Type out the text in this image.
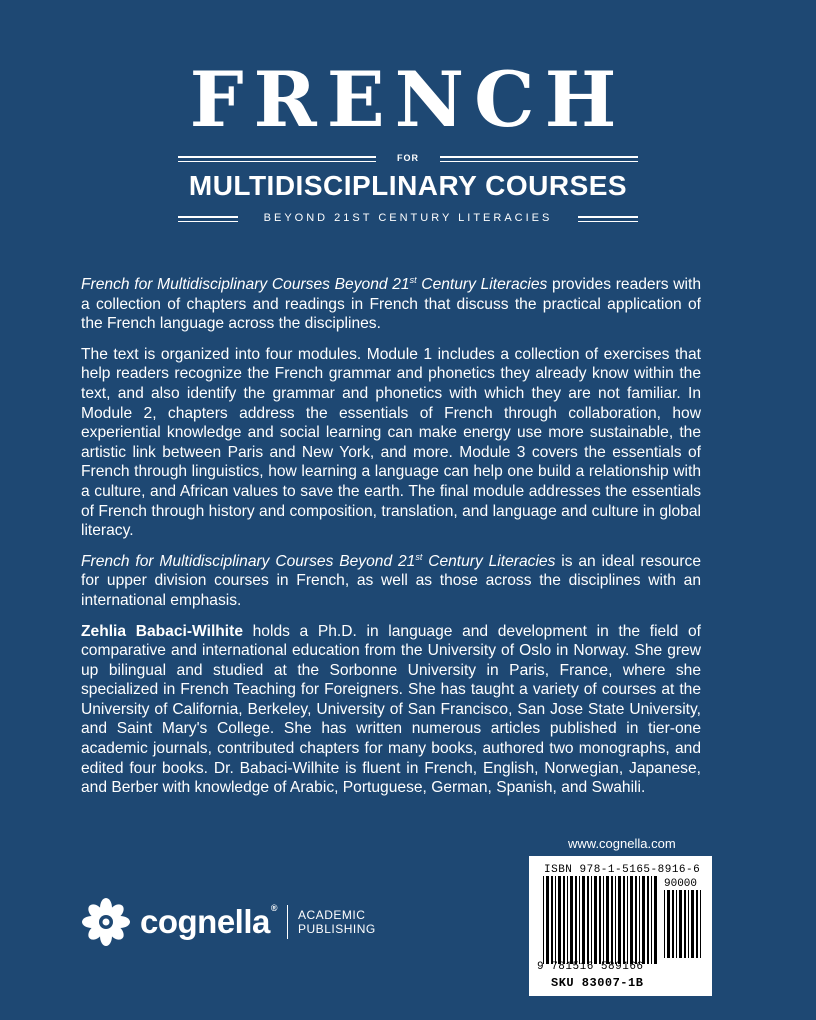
FRENCH
FOR
MULTIDISCIPLINARY COURSES
BEYOND 21ST CENTURY LITERACIES

French for Multidisciplinary Courses Beyond 21st Century Literacies provides readers with a collection of chapters and readings in French that discuss the practical application of the French language across the disciplines.

The text is organized into four modules. Module 1 includes a collection of exercises that help readers recognize the French grammar and phonetics they already know within the text, and also identify the grammar and phonetics with which they are not familiar. In Module 2, chapters address the essentials of French through collaboration, how experiential knowledge and social learning can make energy use more sustainable, the artistic link between Paris and New York, and more. Module 3 covers the essentials of French through linguistics, how learning a language can help one build a relationship with a culture, and African values to save the earth. The final module addresses the essentials of French through history and composition, translation, and language and culture in global literacy.

French for Multidisciplinary Courses Beyond 21st Century Literacies is an ideal resource for upper division courses in French, as well as those across the disciplines with an international emphasis.

Zehlia Babaci-Wilhite holds a Ph.D. in language and development in the field of comparative and international education from the University of Oslo in Norway. She grew up bilingual and studied at the Sorbonne University in Paris, France, where she specialized in French Teaching for Foreigners. She has taught a variety of courses at the University of California, Berkeley, University of San Francisco, San Jose State University, and Saint Mary's College. She has written numerous articles published in tier-one academic journals, contributed chapters for many books, authored two monographs, and edited four books. Dr. Babaci-Wilhite is fluent in French, English, Norwegian, Japanese, and Berber with knowledge of Arabic, Portuguese, German, Spanish, and Swahili.

www.cognella.com
cognella® ACADEMIC
PUBLISHING
ISBN 978-1-5165-8916-6
90000
9 781516 589166
SKU 83007-1B
